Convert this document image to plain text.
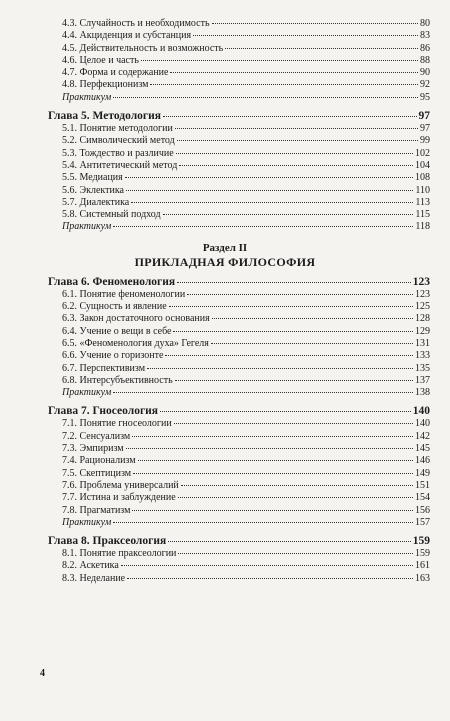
4.3. Случайность и необходимость	80
4.4. Акциденция и субстанция	83
4.5. Действительность и возможность	86
4.6. Целое и часть	88
4.7. Форма и содержание	90
4.8. Перфекционизм	92
Практикум	95
Глава 5. Методология	97
5.1. Понятие методологии	97
5.2. Символический метод	99
5.3. Тождество и различие	102
5.4. Антитетический метод	104
5.5. Медиация	108
5.6. Эклектика	110
5.7. Диалектика	113
5.8. Системный подход	115
Практикум	118
Раздел II
ПРИКЛАДНАЯ ФИЛОСОФИЯ
Глава 6. Феноменология	123
6.1. Понятие феноменологии	123
6.2. Сущность и явление	125
6.3. Закон достаточного основания	128
6.4. Учение о вещи в себе	129
6.5. «Феноменология духа» Гегеля	131
6.6. Учение о горизонте	133
6.7. Перспективизм	135
6.8. Интерсубъективность	137
Практикум	138
Глава 7. Гносеология	140
7.1. Понятие гносеологии	140
7.2. Сенсуализм	142
7.3. Эмпиризм	145
7.4. Рационализм	146
7.5. Скептицизм	149
7.6. Проблема универсалий	151
7.7. Истина и заблуждение	154
7.8. Прагматизм	156
Практикум	157
Глава 8. Праксеология	159
8.1. Понятие праксеологии	159
8.2. Аскетика	161
8.3. Неделание	163
4
